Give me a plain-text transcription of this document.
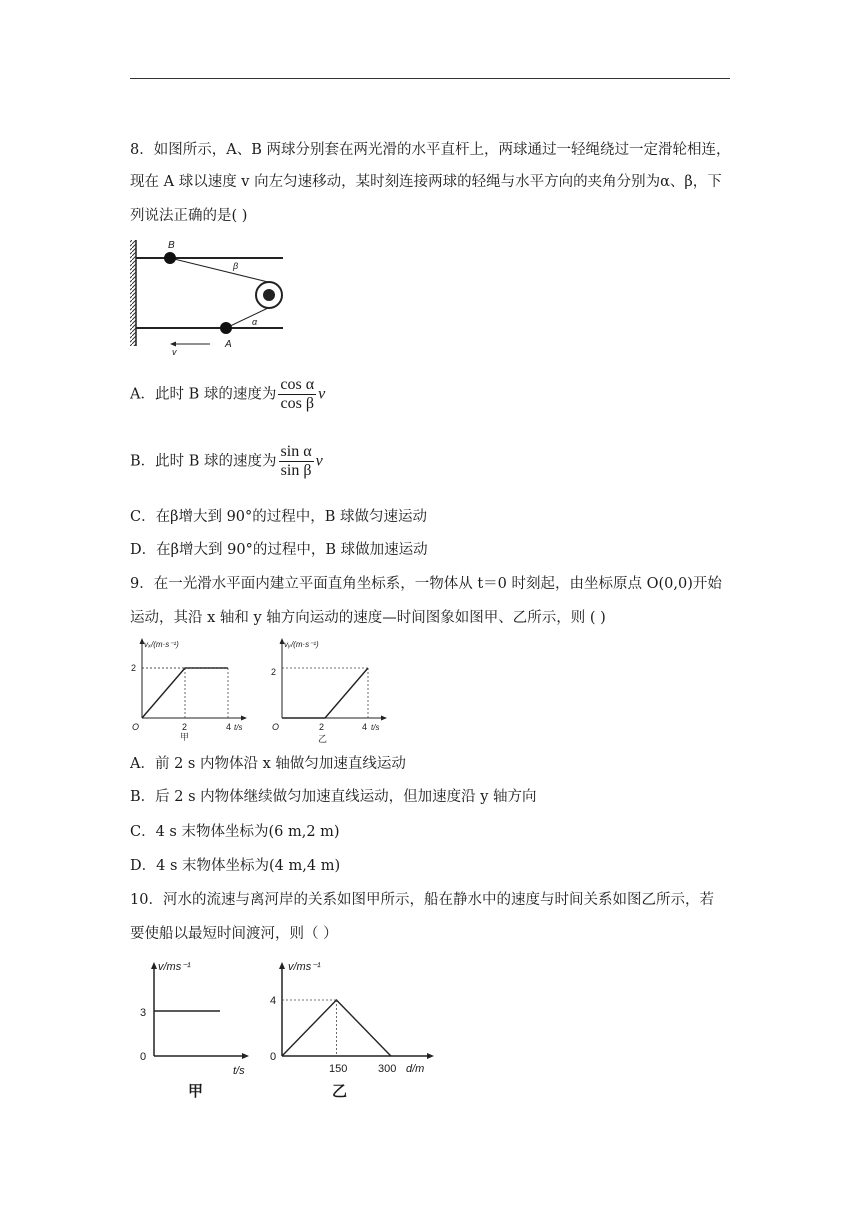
8．如图所示，A、B 两球分别套在两光滑的水平直杆上，两球通过一轻绳绕过一定滑轮相连，
现在 A 球以速度 v 向左匀速移动，某时刻连接两球的轻绳与水平方向的夹角分别为α、β，下
列说法正确的是( )
B
β
α
A
v
A．此时 B 球的速度为 $\frac{\text{cos α}}{\text{cos β}}$ v
B．此时 B 球的速度为 $\frac{\text{sin α}}{\text{sin β}}$ v
C．在β增大到 90°的过程中，B 球做匀速运动
D．在β增大到 90°的过程中，B 球做加速运动
9．在一光滑水平面内建立平面直角坐标系，一物体从 t＝0 时刻起，由坐标原点 O(0,0)开始
运动，其沿 x 轴和 y 轴方向运动的速度—时间图象如图甲、乙所示，则 ( )
vₓ/(m·s⁻¹)
2
O	2	4 t/s
甲
vᵧ/(m·s⁻¹)
2
O	2	4 t/s
乙
A．前 2 s 内物体沿 x 轴做匀加速直线运动
B．后 2 s 内物体继续做匀加速直线运动，但加速度沿 y 轴方向
C．4 s 末物体坐标为(6 m,2 m)
D．4 s 末物体坐标为(4 m,4 m)
10．河水的流速与离河岸的关系如图甲所示，船在静水中的速度与时间关系如图乙所示，若
要使船以最短时间渡河，则（ ）
v/ms⁻¹
3
0
t/s
甲
v/ms⁻¹
4
0
150	300 d/m
乙
